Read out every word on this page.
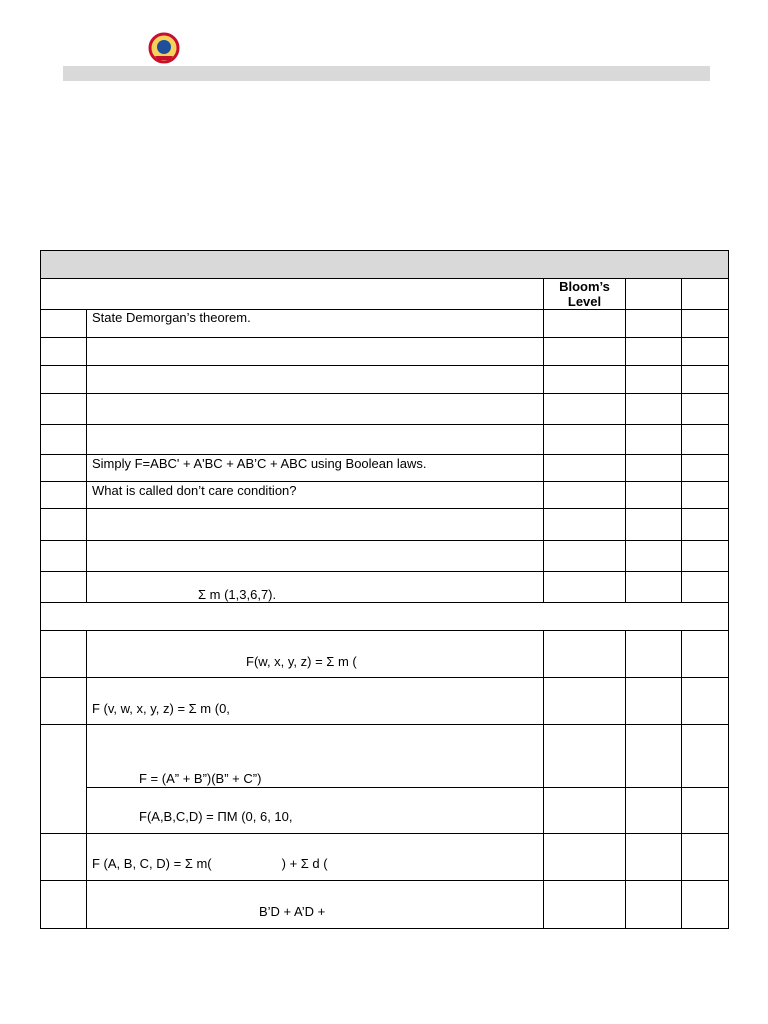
		Bloom’s Level		
	State Demorgan’s theorem.			

	Simply F=ABC' + A'BC + AB’C + ABC using Boolean laws.			
	What is called don’t care condition?			

	Σ m (1,3,6,7).			

	F(w, x, y, z) = Σ m (			
	F (v, w, x, y, z) = Σ m (0,			
	F = (A” + B”)(B” + C”)			
	F(A,B,C,D) = ΠM (0, 6, 10,			
	F (A, B, C, D) = Σ m( ) + Σ d (			
	B’D + A’D +			
